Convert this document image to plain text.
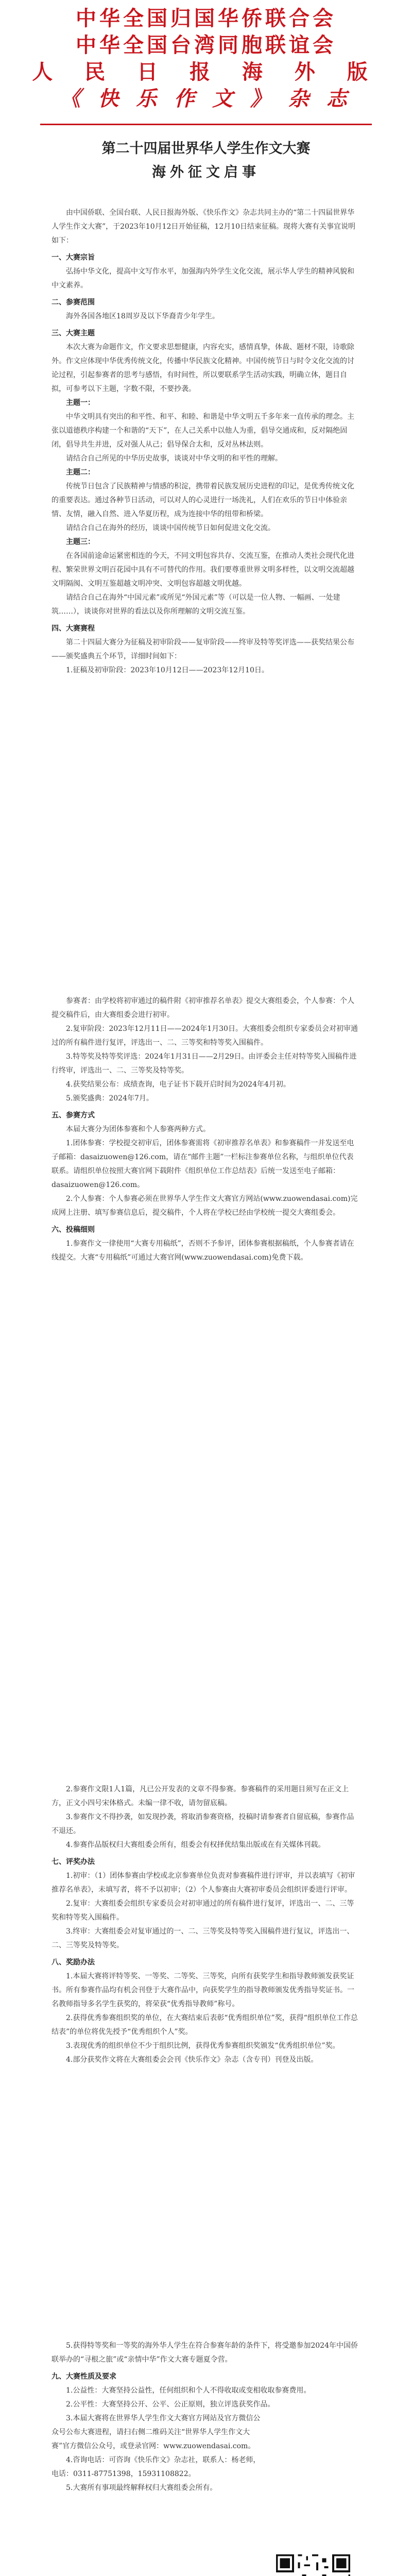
中华全国归国华侨联合会

中华全国台湾同胞联谊会

人 民 日 报 海 外 版

《 快 乐 作 文 》 杂 志

第二十四届世界华人学生作文大赛
海外征文启事

由中国侨联、全国台联、人民日报海外版、《快乐作文》杂志共同主办的“第二十四届世界华人学生作文大赛”，于2023年10月12日开始征稿，12月10日结束征稿。现将大赛有关事宜说明如下：

一、大赛宗旨

弘扬中华文化，提高中文写作水平，加强海内外学生文化交流，展示华人学生的精神风貌和中文素养。

二、参赛范围

海外各国各地区18周岁及以下华裔青少年学生。

三、大赛主题

本次大赛为命题作文，作文要求思想健康，内容充实，感情真挚，体裁、题材不限，诗歌除外。作文应体现中华优秀传统文化，传播中华民族文化精神。中国传统节日与时令文化交流的讨论过程，引起参赛者的思考与感悟，有时间性，所以要联系学生活动实践，明确立体，题目自拟，可参考以下主题，字数不限，不要抄袭。

主题一：

中华文明具有突出的和平性、和平、和睦、和谐是中华文明五千多年来一直传承的理念。主张以道德秩序构建一个和谐的“天下”，在人己关系中以他人为重，倡导交通成和，反对隔绝固闭，倡导共生并进，反对强人从己；倡导保合太和，反对丛林法则。

请结合自己所见的中华历史故事，谈谈对中华文明的和平性的理解。

主题二：

传统节日包含了民族精神与情感的积淀，携带着民族发展历史进程的印记，是优秀传统文化的重要表达。通过各种节日活动，可以对人的心灵进行一场洗礼，人们在欢乐的节日中体验亲情、友情，融入自然、进入华夏历程，成为连接中华的纽带和桥梁。

请结合自己在海外的经历，谈谈中国传统节日如何促进文化交流。

主题三：

在各国前途命运紧密相连的今天，不同文明包容共存、交流互鉴，在推动人类社会现代化进程、繁荣世界文明百花园中具有不可替代的作用。我们要尊重世界文明多样性，以文明交流超越文明隔阂、文明互鉴超越文明冲突、文明包容超越文明优越。

请结合自己在海外“中国元素”或所见“外国元素”等（可以是一位人物、一幅画、一处建筑……），谈谈你对世界的看法以及你所理解的文明交流互鉴。

四、大赛赛程

第二十四届大赛分为征稿及初审阶段——复审阶段——终审及特等奖评选——获奖结果公布——颁奖盛典五个环节，详细时间如下：

1.征稿及初审阶段：2023年10月12日——2023年12月10日。

参赛者：由学校将初审通过的稿件附《初审推荐名单表》提交大赛组委会，个人参赛：个人提交稿件后，由大赛组委会进行初审。

2.复审阶段：2023年12月11日——2024年1月30日。大赛组委会组织专家委员会对初审通过的所有稿件进行复评，评选出一、二、三等奖和特等奖入围稿件。

3.特等奖及特等奖评选：2024年1月31日——2月29日。由评委会主任对特等奖入围稿件进行终审，评选出一、二、三等奖及特等奖。

4.获奖结果公布：成绩查询，电子证书下载开启时间为2024年4月初。

5.颁奖盛典：2024年7月。

五、参赛方式

本届大赛分为团体参赛和个人参赛两种方式。

1.团体参赛：学校提交初审后，团体参赛需将《初审推荐名单表》和参赛稿件一并发送至电子邮箱：dasaizuowen@126.com，请在“邮件主题”一栏标注参赛单位名称，与组织单位代表联系。请组织单位按照大赛官网下载附件《组织单位工作总结表》后统一发送至电子邮箱：dasaizuowen@126.com。

2.个人参赛：个人参赛必须在世界华人学生作文大赛官方网站(www.zuowendasai.com)完成网上注册、填写参赛信息后，提交稿件，个人将在学校已经由学校统一提交大赛组委会。

六、投稿细则

1.参赛作文一律使用“大赛专用稿纸”，否则不予参评，团体参赛根据稿纸，个人参赛者请在线提交。大赛“专用稿纸”可通过大赛官网(www.zuowendasai.com)免费下载。

2.参赛作文限1人1篇，凡已公开发表的文章不得参赛。参赛稿件的采用题目须写在正文上方，正文小四号宋体格式。未编一律不收，请勿留底稿。

3.参赛作文不得抄袭，如发现抄袭，将取消参赛资格，投稿时请参赛者自留底稿，参赛作品不退还。

4.参赛作品版权归大赛组委会所有，组委会有权择优结集出版或在有关媒体刊载。

七、评奖办法

1.初审：（1）团体参赛由学校或北京参赛单位负责对参赛稿件进行评审，并以表填写《初审推荐名单表》，未填写者，将不予以初审；（2）个人参赛由大赛初审委员会组织评委进行评审。

2.复审：大赛组委会组织专家委员会对初审通过的所有稿件进行复评，评选出一、二、三等奖和特等奖入围稿件。

3.终审：大赛组委会对复审通过的一、二、三等奖及特等奖入围稿件进行复议，评选出一、二、三等奖及特等奖。

八、奖励办法

1.本届大赛将评特等奖、一等奖、二等奖、三等奖，向所有获奖学生和指导教师颁发获奖证书。所有参赛作品均有机会刊登于大赛作品中，向获奖学生的指导教师颁发优秀指导奖证书。一名教师指导多名学生获奖的，将荣获“优秀指导教师”称号。

2.获得优秀参赛组织奖的单位，在大赛结束后表彰“优秀组织单位”奖，获得“组织单位工作总结表”的单位将优先授予“优秀组织个人”奖。

3.表现优秀的组织单位不少于组织比例，获得优秀参赛组织奖颁发“优秀组织单位”奖。

4.部分获奖作文将在大赛组委会会刊《快乐作文》杂志（含专刊）刊登及出版。

5.获得特等奖和一等奖的海外华人学生在符合参赛年龄的条件下，将受邀参加2024年中国侨联举办的“寻根之旅”或“亲情中华”作文大赛专题夏令营。

九、大赛性质及要求

1.公益性：大赛坚持公益性，任何组织和个人不得收取或变相收取参赛费用。

2.公平性：大赛坚持公开、公平、公正原则，独立评选获奖作品。

3.本届大赛将在世界华人学生作文大赛官方网站及官方微信公众号公布大赛进程，请扫右侧二维码关注“世界华人学生作文大赛”官方微信公众号，或登录官网：www.zuowendasai.com。

4.咨询电话：可咨询《快乐作文》杂志社，联系人：杨老师，电话：0311-87751398，15931108822。

5.大赛所有事项最终解释权归大赛组委会所有。
